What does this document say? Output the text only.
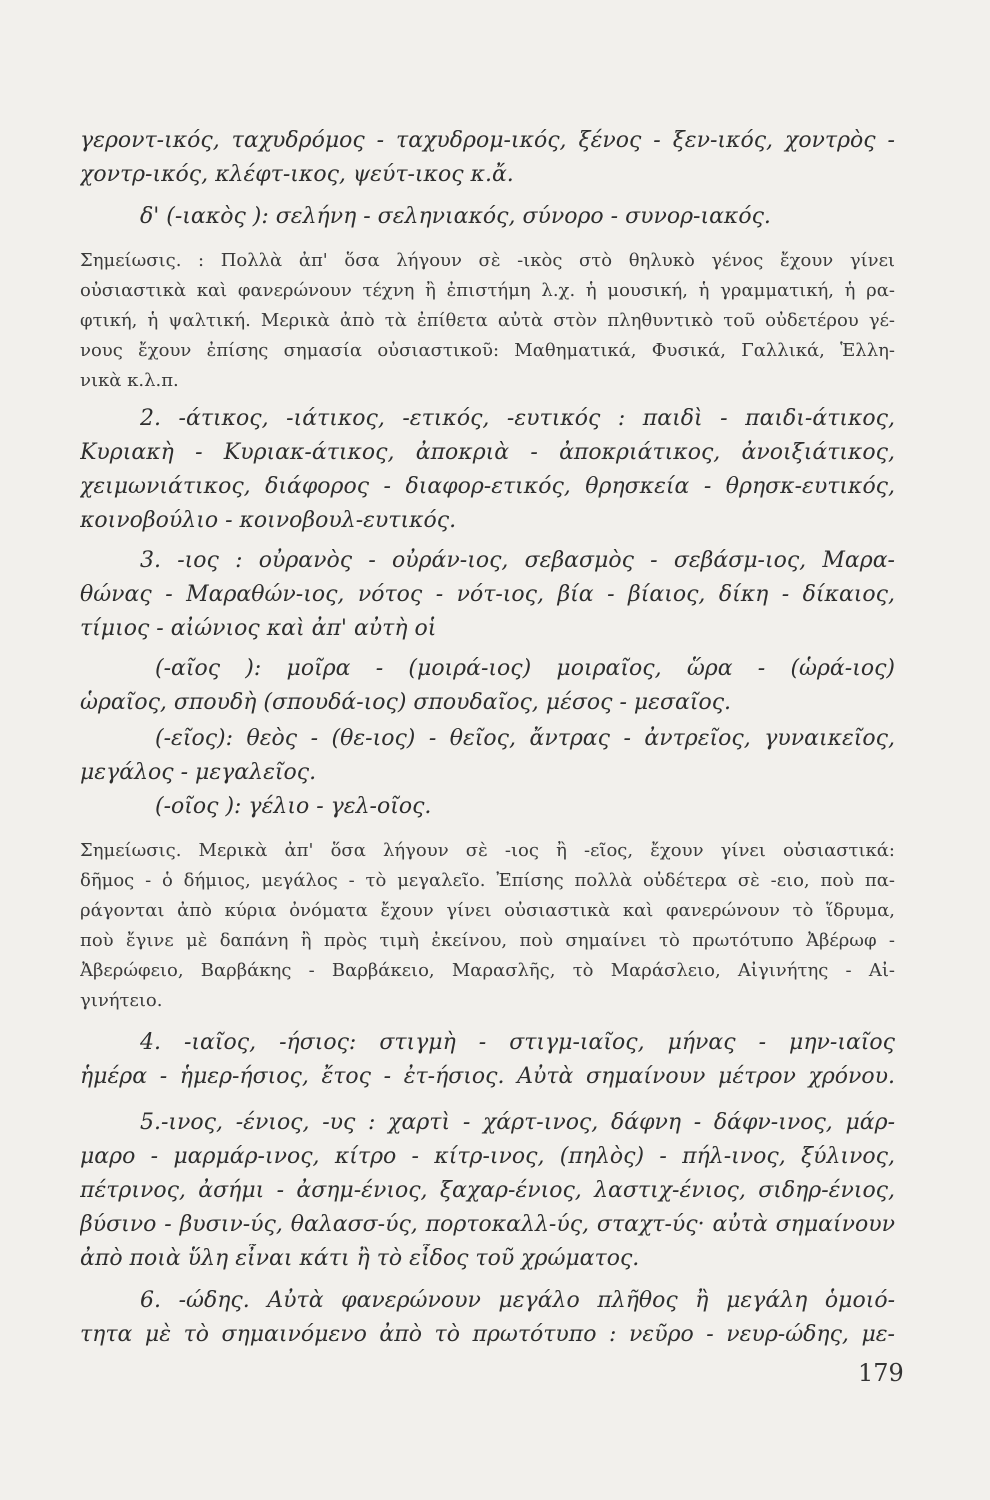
γεροντ-ικός, ταχυδρόμος - ταχυδρομ-ικός, ξένος - ξεν-ικός, χοντρὸς -
χοντρ-ικός, κλέφτ-ικος, ψεύτ-ικος κ.ἄ.
δ' (-ιακὸς ): σελήνη - σεληνιακός, σύνορο - συνορ-ιακός.
Σημείωσις. : Πολλὰ ἀπ' ὅσα λήγουν σὲ -ικὸς στὸ θηλυκὸ γένος ἔχουν γίνει
οὐσιαστικὰ καὶ φανερώνουν τέχνη ἢ ἐπιστήμη λ.χ. ἡ μουσική, ἡ γραμματική, ἡ ρα-
φτική, ἡ ψαλτική. Μερικὰ ἀπὸ τὰ ἐπίθετα αὐτὰ στὸν πληθυντικὸ τοῦ οὐδετέρου γέ-
νους ἔχουν ἐπίσης σημασία οὐσιαστικοῦ: Μαθηματικά, Φυσικά, Γαλλικά, Ἑλλη-
νικὰ κ.λ.π.
2. -άτικος, -ιάτικος, -ετικός, -ευτικός : παιδὶ - παιδι-άτικος,
Κυριακὴ - Κυριακ-άτικος, ἀποκριὰ - ἀποκριάτικος, ἀνοιξιάτικος,
χειμωνιάτικος, διάφορος - διαφορ-ετικός, θρησκεία - θρησκ-ευτικός,
κοινοβούλιο - κοινοβουλ-ευτικός.
3. -ιος : οὐρανὸς - οὐράν-ιος, σεβασμὸς - σεβάσμ-ιος, Μαρα-
θώνας - Μαραθών-ιος, νότος - νότ-ιος, βία - βίαιος, δίκη - δίκαιος,
τίμιος - αἰώνιος καὶ ἀπ' αὐτὴ οἱ
(-αῖος ): μοῖρα - (μοιρά-ιος) μοιραῖος, ὥρα - (ὡρά-ιος)
ὡραῖος, σπουδὴ (σπουδά-ιος) σπουδαῖος, μέσος - μεσαῖος.
(-εῖος): θεὸς - (θε-ιος) - θεῖος, ἄντρας - ἀντρεῖος, γυναικεῖος,
μεγάλος - μεγαλεῖος.
(-οῖος ): γέλιο - γελ-οῖος.
Σημείωσις. Μερικὰ ἀπ' ὅσα λήγουν σὲ -ιος ἢ -εῖος, ἔχουν γίνει οὐσιαστικά:
δῆμος - ὁ δήμιος, μεγάλος - τὸ μεγαλεῖο. Ἐπίσης πολλὰ οὐδέτερα σὲ -ειο, ποὺ πα-
ράγονται ἀπὸ κύρια ὀνόματα ἔχουν γίνει οὐσιαστικὰ καὶ φανερώνουν τὸ ἵδρυμα,
ποὺ ἔγινε μὲ δαπάνη ἢ πρὸς τιμὴ ἐκείνου, ποὺ σημαίνει τὸ πρωτότυπο Ἀβέρωφ -
Ἀβερώφειο, Βαρβάκης - Βαρβάκειο, Μαρασλῆς, τὸ Μαράσλειο, Αἰγινήτης - Αἰ-
γινήτειο.
4. -ιαῖος, -ήσιος: στιγμὴ - στιγμ-ιαῖος, μήνας - μην-ιαῖος
ἡμέρα - ἡμερ-ήσιος, ἔτος - ἐτ-ήσιος. Αὐτὰ σημαίνουν μέτρον χρόνου.
5.-ινος, -ένιος, -υς : χαρτὶ - χάρτ-ινος, δάφνη - δάφν-ινος, μάρ-
μαρο - μαρμάρ-ινος, κίτρο - κίτρ-ινος, (πηλὸς) - πήλ-ινος, ξύλινος,
πέτρινος, ἀσήμι - ἀσημ-ένιος, ξαχαρ-ένιος, λαστιχ-ένιος, σιδηρ-ένιος,
βύσινο - βυσιν-ύς, θαλασσ-ύς, πορτοκαλλ-ύς, σταχτ-ύς· αὐτὰ σημαίνουν
ἀπὸ ποιὰ ὕλη εἶναι κάτι ἢ τὸ εἶδος τοῦ χρώματος.
6. -ώδης. Αὐτὰ φανερώνουν μεγάλο πλῆθος ἢ μεγάλη ὁμοιό-
τητα μὲ τὸ σημαινόμενο ἀπὸ τὸ πρωτότυπο : νεῦρο - νευρ-ώδης, με-
179
